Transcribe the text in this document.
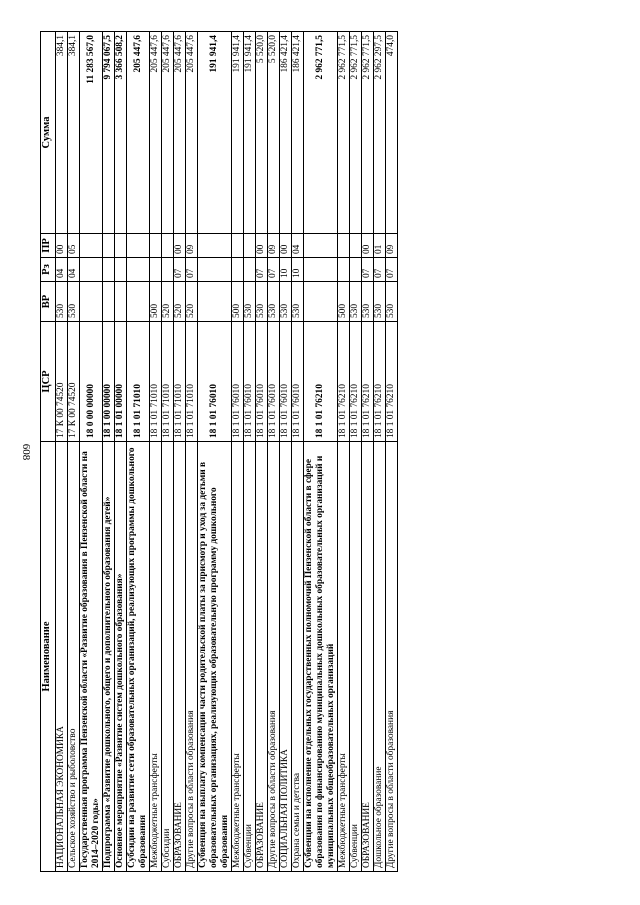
608
Наименование	ЦСР	ВР	Рз	ПР	Сумма
НАЦИОНАЛЬНАЯ ЭКОНОМИКА	17 К 00 74520	530	04	00	384,1
Сельское хозяйство и рыболовство	17 К 00 74520	530	04	05	384,1
Государственная программа Пензенской области «Развитие образования в Пензенской области на 2014–2020 годы»	18 0 00 00000				11 283 567,0
Подпрограмма «Развитие дошкольного, общего и дополнительного образования детей»	18 1 00 00000				9 794 067,5
Основное мероприятие «Развитие систем дошкольного образования»	18 1 01 00000				3 366 508,2
Субсидии на развитие сети образовательных организаций, реализующих программы дошкольного образования	18 1 01 71010				205 447,6
Межбюджетные трансферты	18 1 01 71010	500			205 447,6
Субсидии	18 1 01 71010	520			205 447,6
ОБРАЗОВАНИЕ	18 1 01 71010	520	07	00	205 447,6
Другие вопросы в области образования	18 1 01 71010	520	07	09	205 447,6
Субвенция на выплату компенсации части родительской платы за присмотр и уход за детьми в образовательных организациях, реализующих образовательную программу дошкольного образования	18 1 01 76010				191 941,4
Межбюджетные трансферты	18 1 01 76010	500			191 941,4
Субвенции	18 1 01 76010	530			191 941,4
ОБРАЗОВАНИЕ	18 1 01 76010	530	07	00	5 520,0
Другие вопросы в области образования	18 1 01 76010	530	07	09	5 520,0
СОЦИАЛЬНАЯ ПОЛИТИКА	18 1 01 76010	530	10	00	186 421,4
Охрана семьи и детства	18 1 01 76010	530	10	04	186 421,4
Субвенции на исполнение отдельных государственных полномочий Пензенской области в сфере образования по финансированию муниципальных дошкольных образовательных организаций и муниципальных общеобразовательных организаций	18 1 01 76210				2 962 771,5
Межбюджетные трансферты	18 1 01 76210	500			2 962 771,5
Субвенции	18 1 01 76210	530			2 962 771,5
ОБРАЗОВАНИЕ	18 1 01 76210	530	07	00	2 962 771,5
Дошкольное образование	18 1 01 76210	530	07	01	2 962 297,5
Другие вопросы в области образования	18 1 01 76210	530	07	09	474,0
